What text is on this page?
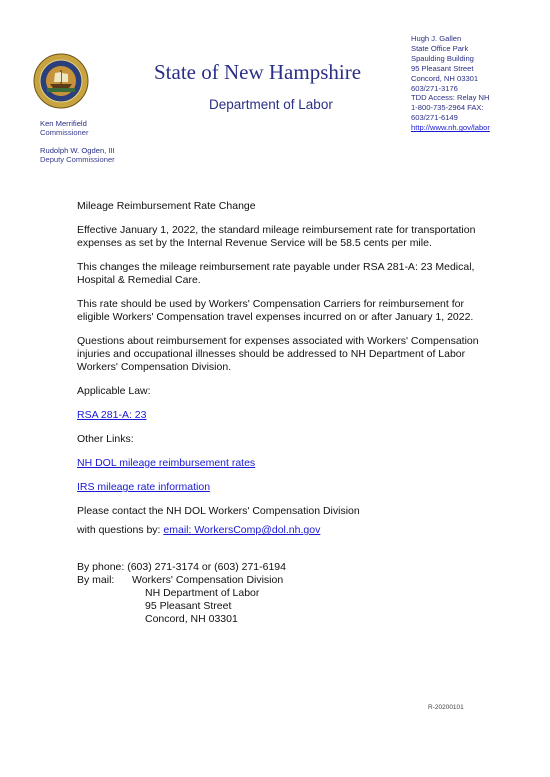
State of New Hampshire
Department of Labor
Hugh J. Gallen
State Office Park
Spaulding Building
95 Pleasant Street
Concord, NH 03301
603/271-3176
TDD Access: Relay NH
1-800-735-2964 FAX:
603/271-6149
http://www.nh.gov/labor
Ken Merrifield
Commissioner
Rudolph W. Ogden, III
Deputy Commissioner

Mileage Reimbursement Rate Change

Effective January 1, 2022, the standard mileage reimbursement rate for transportation expenses as set by the Internal Revenue Service will be 58.5 cents per mile.

This changes the mileage reimbursement rate payable under RSA 281-A: 23 Medical, Hospital & Remedial Care.

This rate should be used by Workers' Compensation Carriers for reimbursement for eligible Workers' Compensation travel expenses incurred on or after January 1, 2022.

Questions about reimbursement for expenses associated with Workers' Compensation injuries and occupational illnesses should be addressed to NH Department of Labor Workers' Compensation Division.

Applicable Law:

RSA 281-A: 23

Other Links:

NH DOL mileage reimbursement rates

IRS mileage rate information

Please contact the NH DOL Workers' Compensation Division

with questions by: email: WorkersComp@dol.nh.gov

By phone: (603) 271-3174 or (603) 271-6194

By mail: Workers' Compensation Division

NH Department of Labor

95 Pleasant Street

Concord, NH 03301

R-20200101
